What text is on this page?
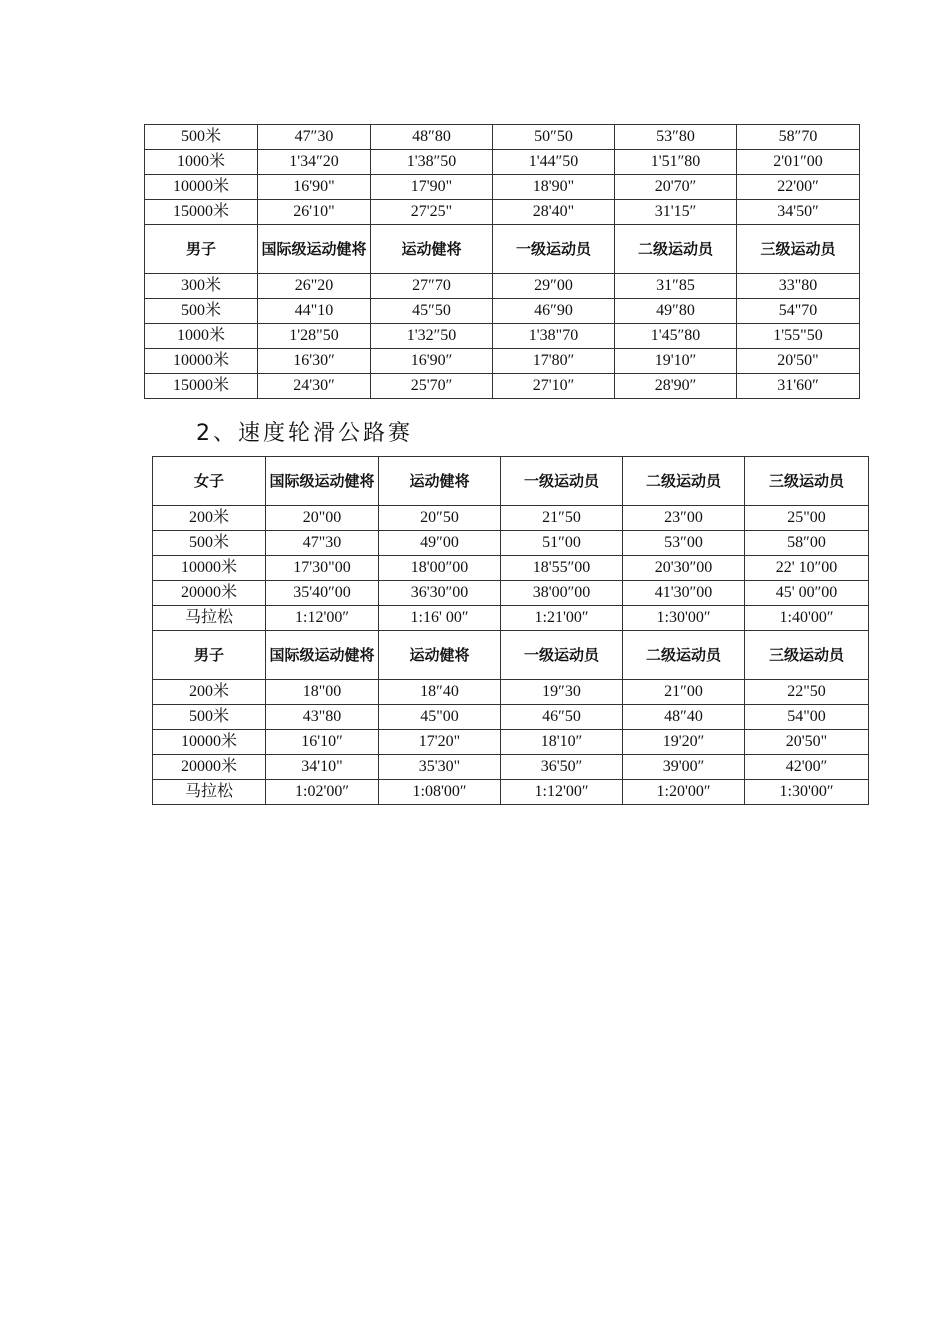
500米	47″30	48″80	50″50	53″80	58″70
1000米	1'34″20	1'38″50	1'44″50	1'51″80	2'01″00
10000米	16'90"	17'90"	18'90"	20'70″	22'00″
15000米	26'10"	27'25"	28'40"	31'15″	34'50″
男子	国际级运动健将	运动健将	一级运动员	二级运动员	三级运动员
300米	26"20	27″70	29″00	31″85	33"80
500米	44"10	45″50	46″90	49″80	54"70
1000米	1'28"50	1'32″50	1'38"70	1'45″80	1'55"50
10000米	16'30″	16'90″	17'80″	19'10″	20'50"
15000米	24'30″	25'70″	27'10″	28'90″	31'60″
2、速度轮滑公路赛
女子	国际级运动健将	运动健将	一级运动员	二级运动员	三级运动员
200米	20"00	20″50	21″50	23″00	25"00
500米	47"30	49″00	51″00	53″00	58″00
10000米	17'30"00	18'00″00	18'55″00	20'30″00	22' 10″00
20000米	35'40″00	36'30″00	38'00″00	41'30″00	45' 00″00
马拉松	1:12'00″	1:16' 00″	1:21'00″	1:30'00″	1:40'00″
男子	国际级运动健将	运动健将	一级运动员	二级运动员	三级运动员
200米	18"00	18″40	19″30	21″00	22"50
500米	43"80	45"00	46″50	48″40	54"00
10000米	16'10″	17'20"	18'10″	19'20″	20'50"
20000米	34'10"	35'30"	36'50″	39'00″	42'00″
马拉松	1:02'00″	1:08'00″	1:12'00″	1:20'00″	1:30'00″
